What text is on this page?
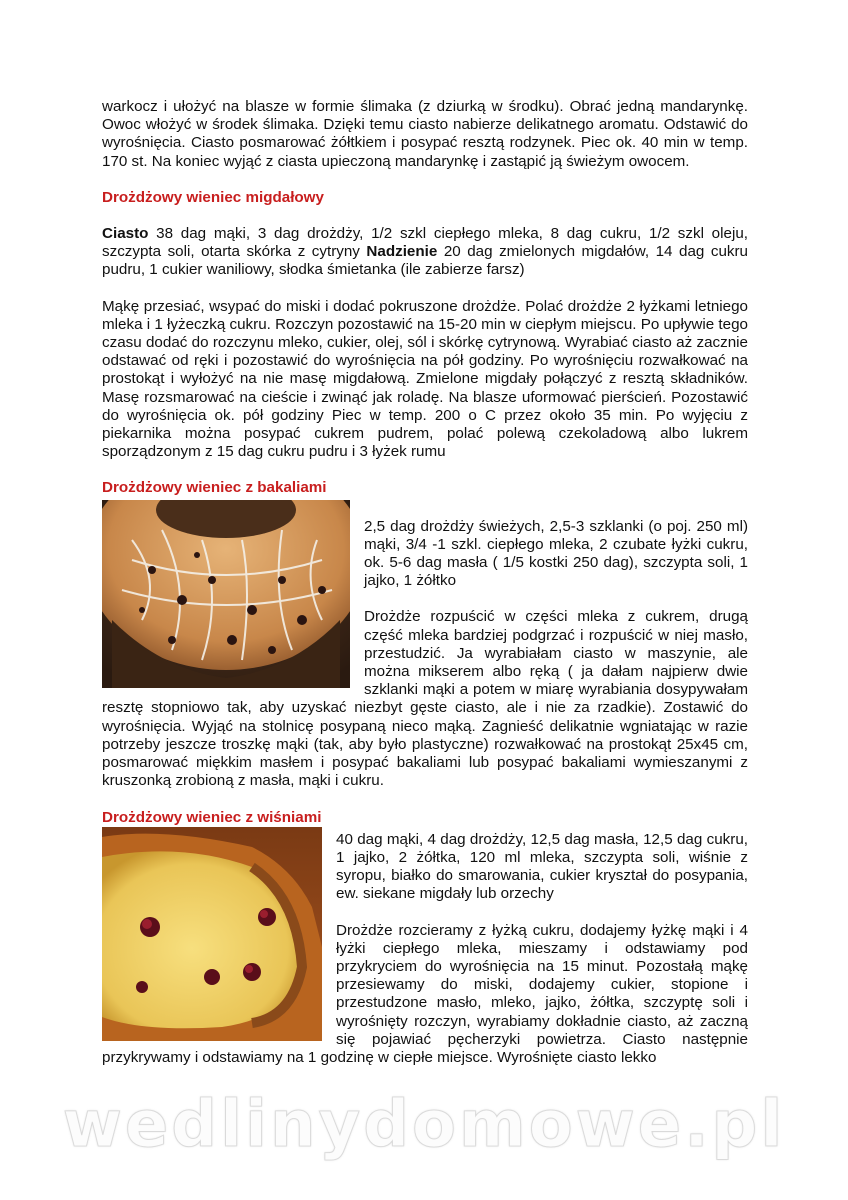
warkocz i ułożyć na blasze w formie ślimaka (z dziurką w środku). Obrać jedną mandarynkę. Owoc włożyć w środek ślimaka. Dzięki temu ciasto nabierze delikatnego aromatu. Odstawić do wyrośnięcia. Ciasto posmarować żółtkiem i posypać resztą rodzynek. Piec ok. 40 min w temp. 170 st. Na koniec wyjąć z ciasta upieczoną mandarynkę i zastąpić ją świeżym owocem.

Drożdżowy wieniec migdałowy

Ciasto 38 dag mąki, 3 dag drożdży, 1/2 szkl ciepłego mleka, 8 dag cukru, 1/2 szkl oleju, szczypta soli, otarta skórka z cytryny Nadzienie 20 dag zmielonych migdałów, 14 dag cukru pudru, 1 cukier waniliowy, słodka śmietanka (ile zabierze farsz)

Mąkę przesiać, wsypać do miski i dodać pokruszone drożdże. Polać drożdże 2 łyżkami letniego mleka i 1 łyżeczką cukru. Rozczyn pozostawić na 15-20 min w ciepłym miejscu. Po upływie tego czasu dodać do rozczynu mleko, cukier, olej, sól i skórkę cytrynową. Wyrabiać ciasto aż zacznie odstawać od ręki i pozostawić do wyrośnięcia na pół godziny. Po wyrośnięciu rozwałkować na prostokąt i wyłożyć na nie masę migdałową. Zmielone migdały połączyć z resztą składników. Masę rozsmarować na cieście i zwinąć jak roladę. Na blasze uformować pierścień. Pozostawić do wyrośnięcia ok. pół godziny Piec w temp. 200 o C przez około 35 min. Po wyjęciu z piekarnika można posypać cukrem pudrem, polać polewą czekoladową albo lukrem sporządzonym z 15 dag cukru pudru i 3 łyżek rumu

Drożdżowy wieniec z bakaliami

2,5 dag drożdży świeżych, 2,5-3 szklanki (o poj. 250 ml) mąki, 3/4 -1 szkl. ciepłego mleka, 2 czubate łyżki cukru, ok. 5-6 dag masła ( 1/5 kostki 250 dag), szczypta soli, 1 jajko, 1 żółtko

Drożdże rozpuścić w części mleka z cukrem, drugą część mleka bardziej podgrzać i rozpuścić w niej masło, przestudzić. Ja wyrabiałam ciasto w maszynie, ale można mikserem albo ręką ( ja dałam najpierw dwie szklanki mąki a potem w miarę wyrabiania dosypywałam resztę stopniowo tak, aby uzyskać niezbyt gęste ciasto, ale i nie za rzadkie). Zostawić do wyrośnięcia. Wyjąć na stolnicę posypaną nieco mąką. Zagnieść delikatnie wgniatając w razie potrzeby jeszcze troszkę mąki (tak, aby było plastyczne) rozwałkować na prostokąt 25x45 cm, posmarować miękkim masłem i posypać bakaliami lub posypać bakaliami wymieszanymi z kruszonką zrobioną z masła, mąki i cukru.

Drożdżowy wieniec z wiśniami

40 dag mąki, 4 dag drożdży, 12,5 dag masła, 12,5 dag cukru, 1 jajko, 2 żółtka, 120 ml mleka, szczypta soli, wiśnie z syropu, białko do smarowania, cukier kryształ do posypania, ew. siekane migdały lub orzechy

Drożdże rozcieramy z łyżką cukru, dodajemy łyżkę mąki i 4 łyżki ciepłego mleka, mieszamy i odstawiamy pod przykryciem do wyrośnięcia na 15 minut. Pozostałą mąkę przesiewamy do miski, dodajemy cukier, stopione i przestudzone masło, mleko, jajko, żółtka, szczyptę soli i wyrośnięty rozczyn, wyrabiamy dokładnie ciasto, aż zaczną się pojawiać pęcherzyki powietrza. Ciasto następnie przykrywamy i odstawiamy na 1 godzinę w ciepłe miejsce. Wyrośnięte ciasto lekko

wedlinydomowe.pl
